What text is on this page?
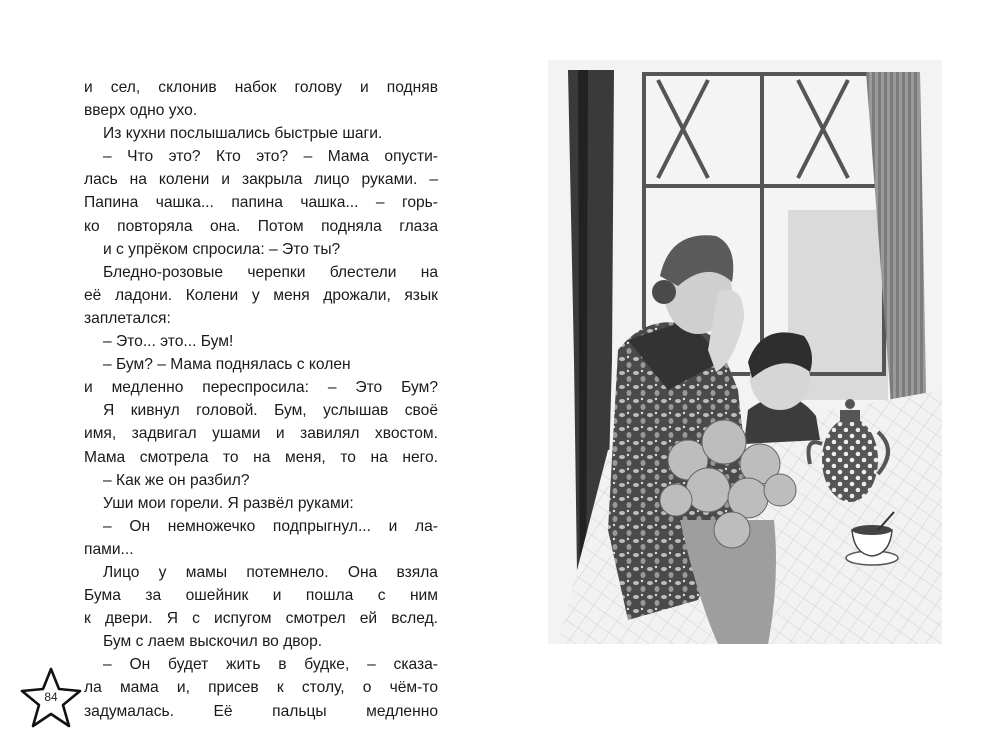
и сел, склонив набок голову и подняв
вверх одно ухо.
Из кухни послышались быстрые шаги.
– Что это? Кто это? – Мама опусти-
лась на колени и закрыла лицо руками. –
Папина чашка... папина чашка... – горь-
ко повторяла она. Потом подняла глаза
и с упрёком спросила: – Это ты?
Бледно-розовые черепки блестели на
её ладони. Колени у меня дрожали, язык
заплетался:
– Это... это... Бум!
– Бум? – Мама поднялась с колен
и медленно переспросила: – Это Бум?
Я кивнул головой. Бум, услышав своё
имя, задвигал ушами и завилял хвостом.
Мама смотрела то на меня, то на него.
– Как же он разбил?
Уши мои горели. Я развёл руками:
– Он немножечко подпрыгнул... и ла-
пами...
Лицо у мамы потемнело. Она взяла
Бума за ошейник и пошла с ним
к двери. Я с испугом смотрел ей вслед.
Бум с лаем выскочил во двор.
– Он будет жить в будке, – сказа-
ла мама и, присев к столу, о чём-то
задумалась. Её пальцы медленно
84
